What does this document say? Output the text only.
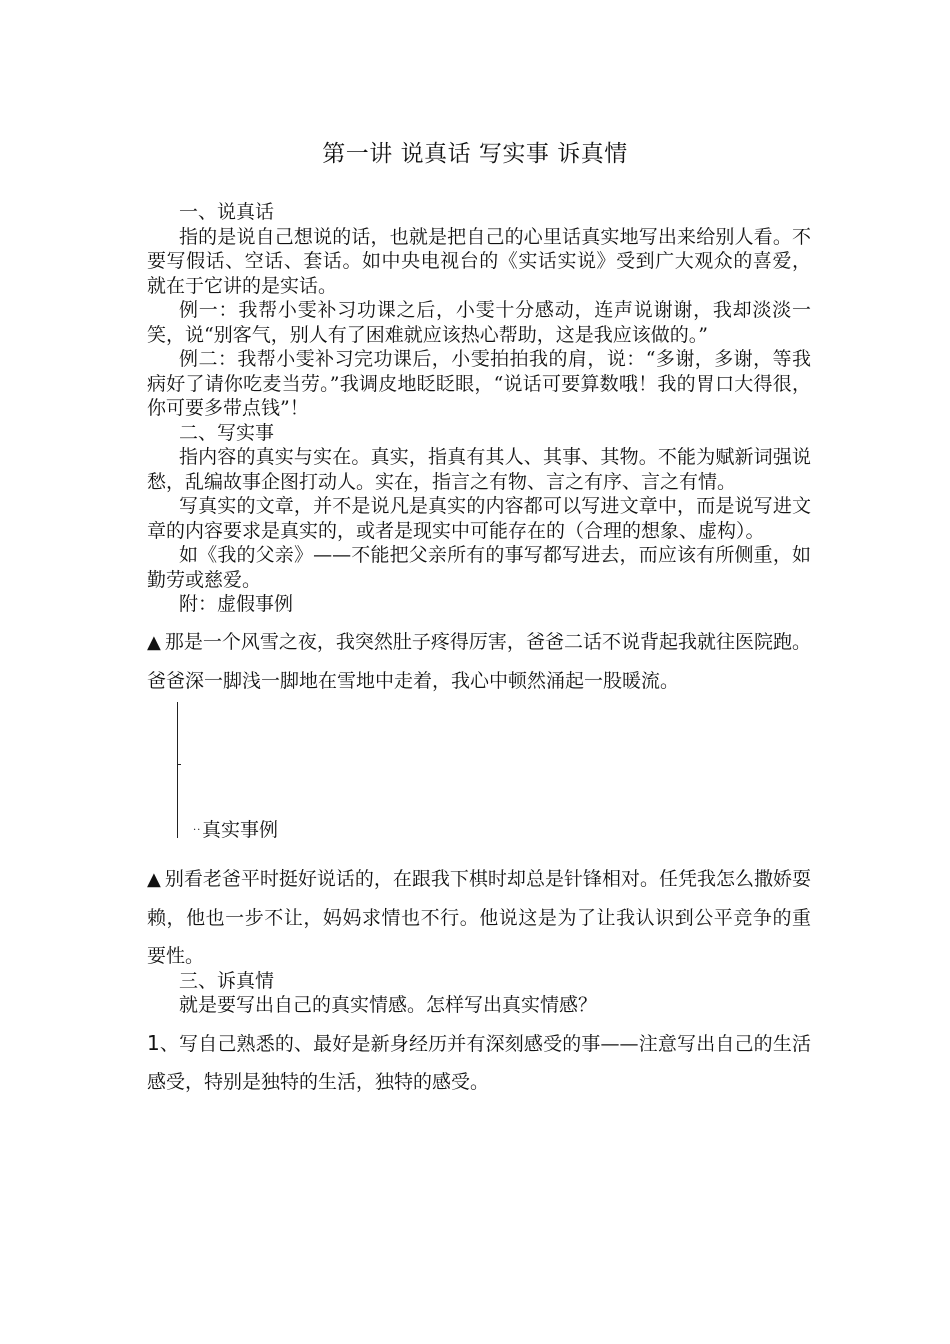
第一讲 说真话 写实事 诉真情

一、说真话

指的是说自己想说的话，也就是把自己的心里话真实地写出来给别人看。不要写假话、空话、套话。如中央电视台的《实话实说》受到广大观众的喜爱，就在于它讲的是实话。

例一：我帮小雯补习功课之后，小雯十分感动，连声说谢谢，我却淡淡一笑，说“别客气，别人有了困难就应该热心帮助，这是我应该做的。”

例二：我帮小雯补习完功课后，小雯拍拍我的肩，说：“多谢，多谢，等我病好了请你吃麦当劳。”我调皮地眨眨眼，“说话可要算数哦！我的胃口大得很，你可要多带点钱”！

二、写实事

指内容的真实与实在。真实，指真有其人、其事、其物。不能为赋新词强说愁，乱编故事企图打动人。实在，指言之有物、言之有序、言之有情。

写真实的文章，并不是说凡是真实的内容都可以写进文章中，而是说写进文章的内容要求是真实的，或者是现实中可能存在的（合理的想象、虚构）。

如《我的父亲》——不能把父亲所有的事写都写进去，而应该有所侧重，如勤劳或慈爱。

附：虚假事例

▲ 那是一个风雪之夜，我突然肚子疼得厉害，爸爸二话不说背起我就往医院跑。爸爸深一脚浅一脚地在雪地中走着，我心中顿然涌起一股暖流。

.. 真实事例

▲ 别看老爸平时挺好说话的，在跟我下棋时却总是针锋相对。任凭我怎么撒娇耍赖，他也一步不让，妈妈求情也不行。他说这是为了让我认识到公平竞争的重要性。

三、诉真情

就是要写出自己的真实情感。怎样写出真实情感？

1、写自己熟悉的、最好是新身经历并有深刻感受的事——注意写出自己的生活感受，特别是独特的生活，独特的感受。
